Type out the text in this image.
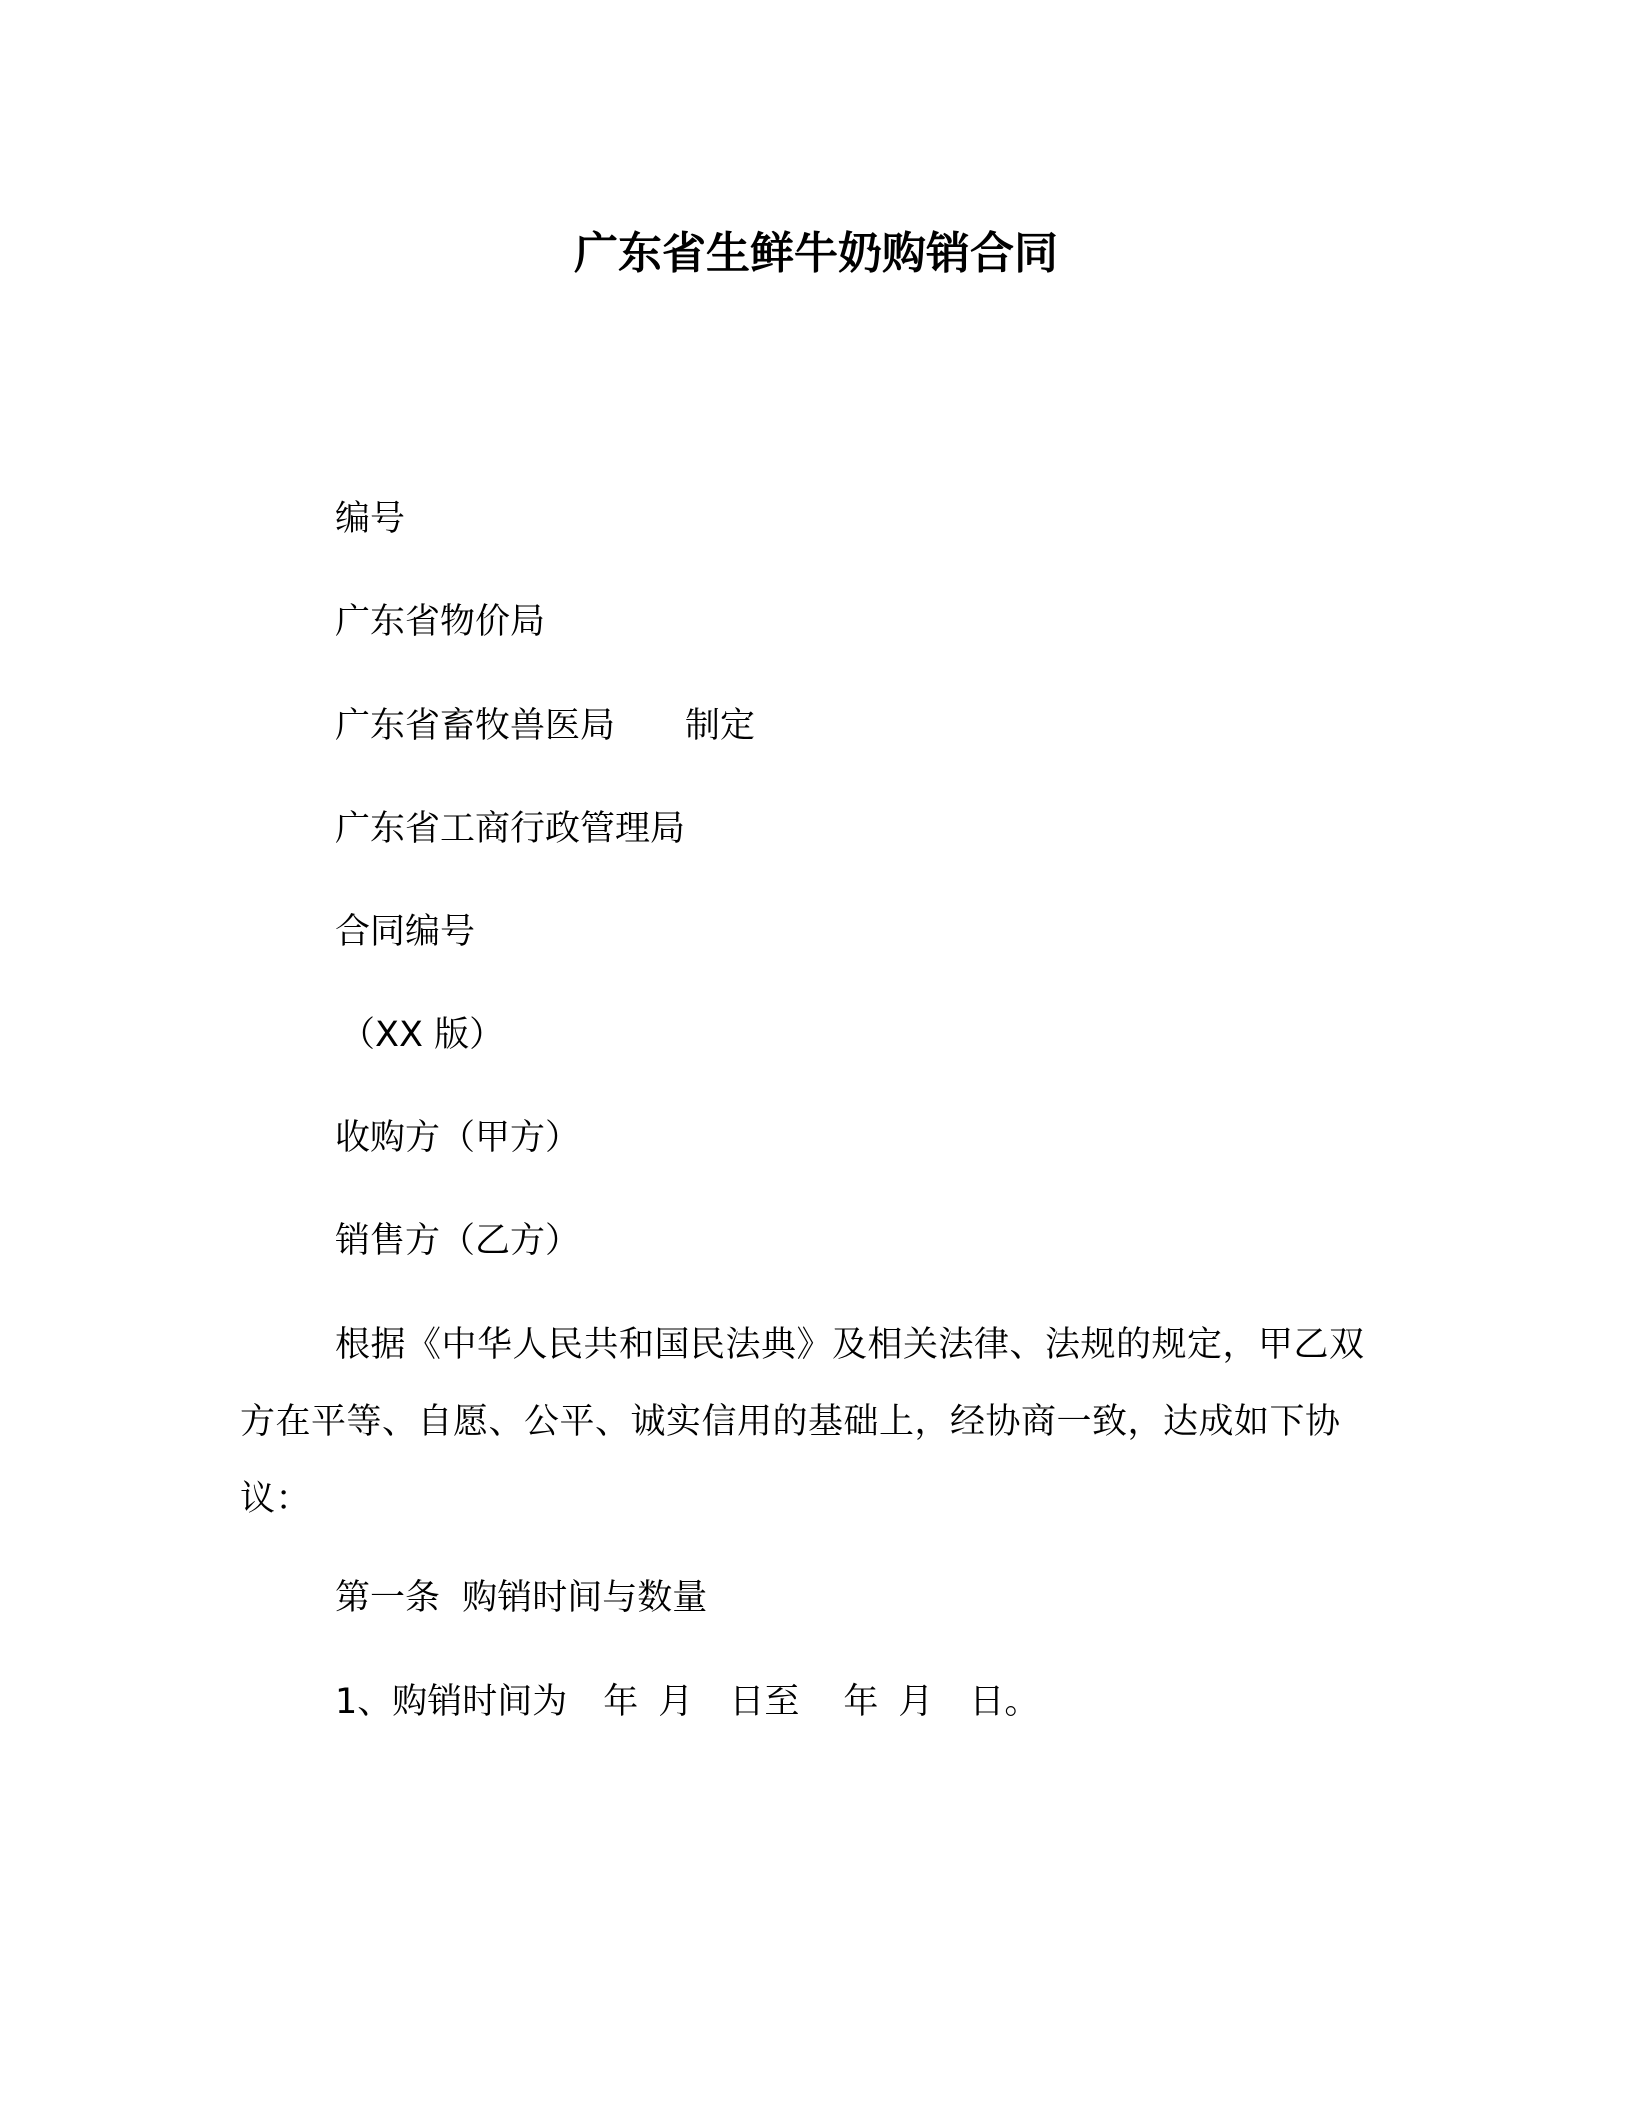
广东省生鲜牛奶购销合同
编号
广东省物价局
广东省畜牧兽医局 制定
广东省工商行政管理局
合同编号
（XX 版）
收购方（甲方）
销售方（乙方）
根据《中华人民共和国民法典》及相关法律、法规的规定，甲乙双方在平等、自愿、公平、诚实信用的基础上，经协商一致，达成如下协议：
第一条  购销时间与数量
1、购销时间为 年 月 日至 年 月 日。
